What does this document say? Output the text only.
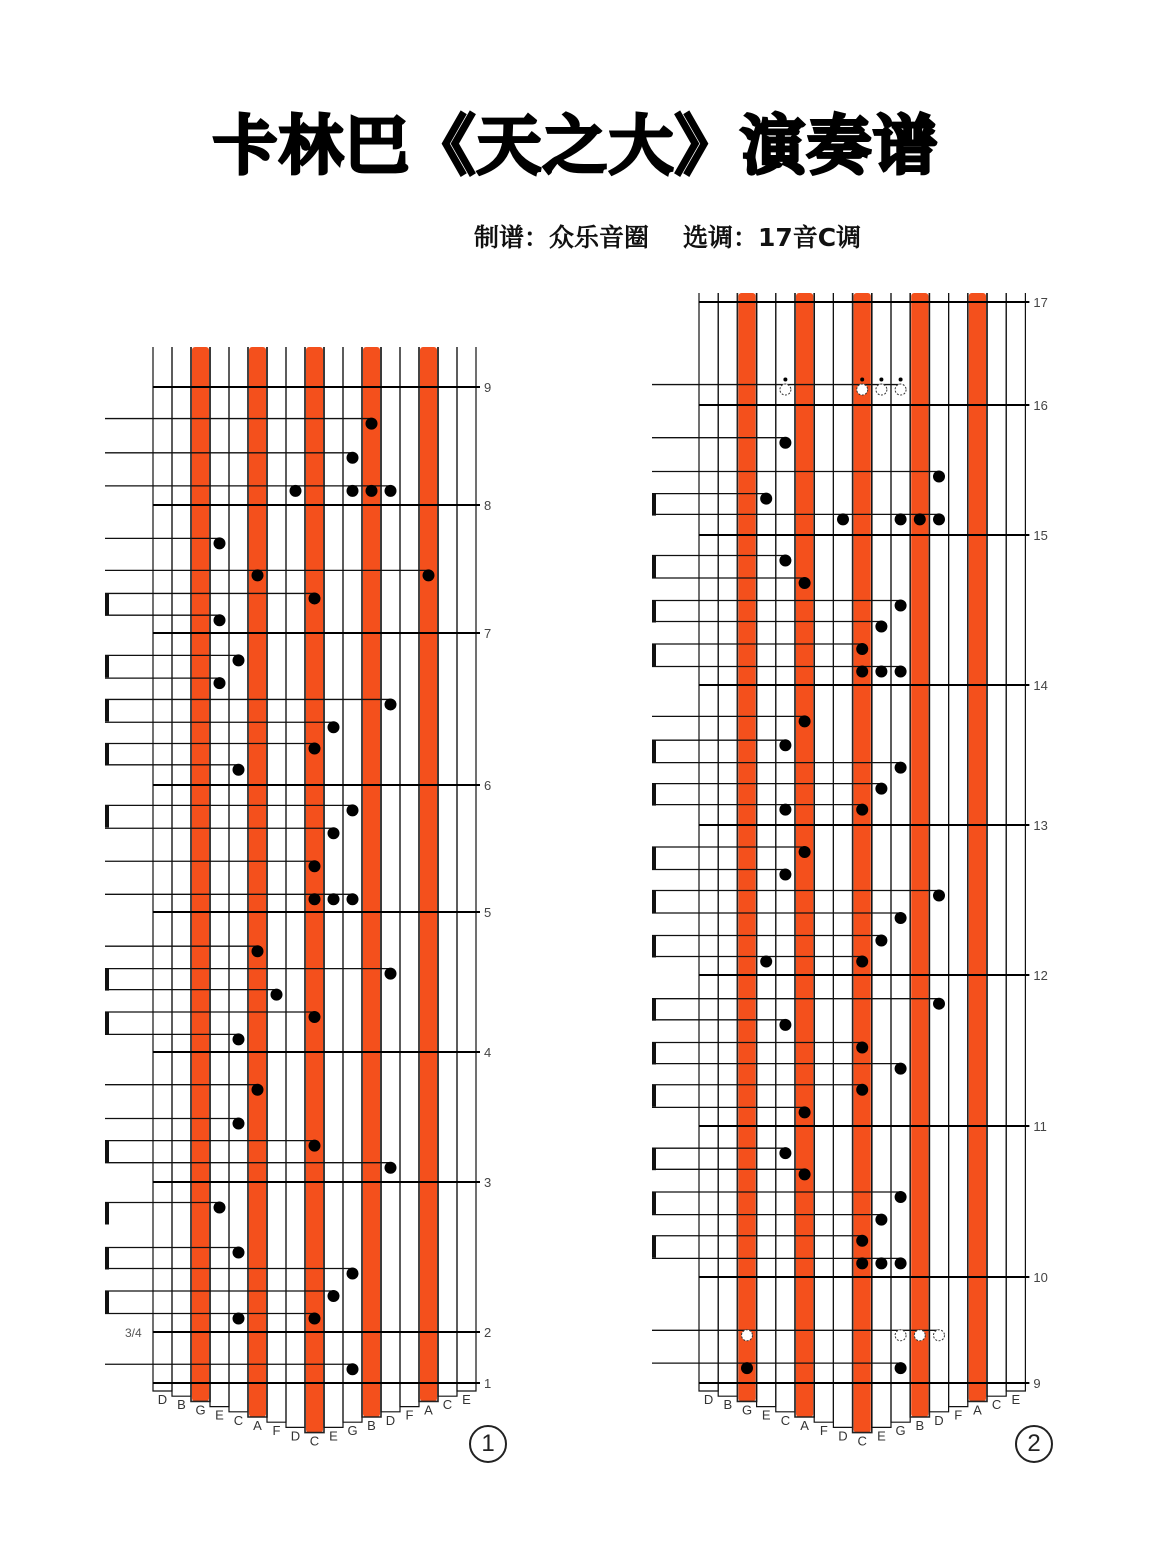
卡林巴《天之大》演奏谱
制谱：众乐音圈 选调：17音C调
D B G E C A F D C E G B D F A C E
1
2
3
4
5
6
7
8
9
3/4
D B G E C A F D C E G B D F A C E
9
10
11
12
13
14
15
16
17
1	2
